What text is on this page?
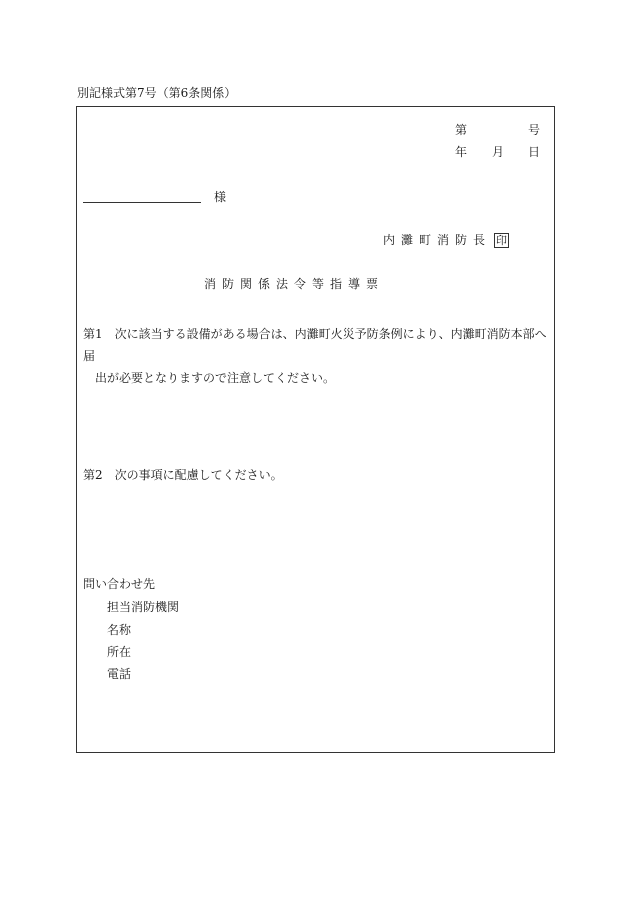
別記様式第7号（第6条関係）
第	号
年 月 日
様
内灘町消防長 印
消防関係法令等指導票
第1　次に該当する設備がある場合は、内灘町火災予防条例により、内灘町消防本部へ届
出が必要となりますので注意してください。
第2　次の事項に配慮してください。
問い合わせ先
担当消防機関
名称
所在
電話
